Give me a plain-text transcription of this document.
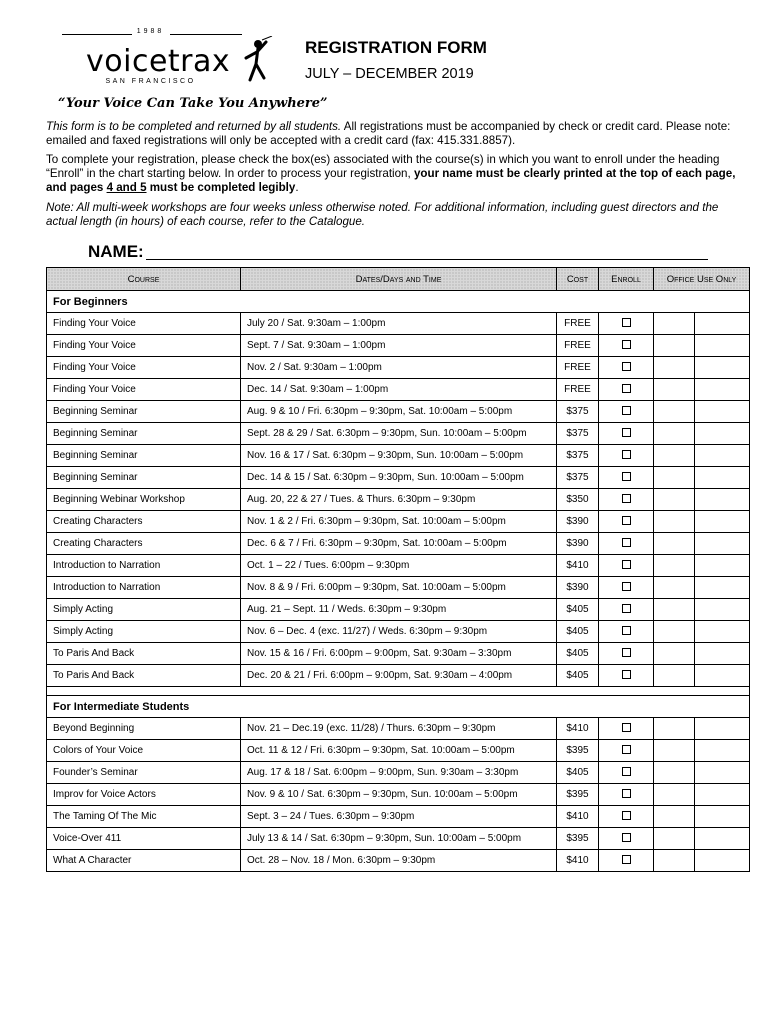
1988
voicetrax
SAN FRANCISCO
REGISTRATION FORM
JULY – DECEMBER 2019
“Your Voice Can Take You Anywhere”
This form is to be completed and returned by all students. All registrations must be accompanied by check or credit card. Please note: emailed and faxed registrations will only be accepted with a credit card (fax: 415.331.8857).
To complete your registration, please check the box(es) associated with the course(s) in which you want to enroll under the heading “Enroll” in the chart starting below. In order to process your registration, your name must be clearly printed at the top of each page, and pages 4 and 5 must be completed legibly.
Note: All multi-week workshops are four weeks unless otherwise noted. For additional information, including guest directors and the actual length (in hours) of each course, refer to the Catalogue.
NAME:
Course	Dates/Days and Time	Cost	Enroll	Office Use Only	
For Beginners					
Finding Your Voice	July 20 / Sat. 9:30am – 1:00pm	FREE			
Finding Your Voice	Sept. 7 / Sat. 9:30am – 1:00pm	FREE			
Finding Your Voice	Nov. 2 / Sat. 9:30am – 1:00pm	FREE			
Finding Your Voice	Dec. 14 / Sat. 9:30am – 1:00pm	FREE			
Beginning Seminar	Aug. 9 & 10 / Fri. 6:30pm – 9:30pm, Sat. 10:00am – 5:00pm	$375			
Beginning Seminar	Sept. 28 & 29 / Sat. 6:30pm – 9:30pm, Sun. 10:00am – 5:00pm	$375			
Beginning Seminar	Nov. 16 & 17 / Sat. 6:30pm – 9:30pm, Sun. 10:00am – 5:00pm	$375			
Beginning Seminar	Dec. 14 & 15 / Sat. 6:30pm – 9:30pm, Sun. 10:00am – 5:00pm	$375			
Beginning Webinar Workshop	Aug. 20, 22 & 27 / Tues. & Thurs. 6:30pm – 9:30pm	$350			
Creating Characters	Nov. 1 & 2 / Fri. 6:30pm – 9:30pm, Sat. 10:00am – 5:00pm	$390			
Creating Characters	Dec. 6 & 7 / Fri. 6:30pm – 9:30pm, Sat. 10:00am – 5:00pm	$390			
Introduction to Narration	Oct. 1 – 22 / Tues. 6:00pm – 9:30pm	$410			
Introduction to Narration	Nov. 8 & 9 / Fri. 6:00pm – 9:30pm, Sat. 10:00am – 5:00pm	$390			
Simply Acting	Aug. 21 – Sept. 11 / Weds. 6:30pm – 9:30pm	$405			
Simply Acting	Nov. 6 – Dec. 4 (exc. 11/27) / Weds. 6:30pm – 9:30pm	$405			
To Paris And Back	Nov. 15 & 16 / Fri. 6:00pm – 9:00pm, Sat. 9:30am – 3:30pm	$405			
To Paris And Back	Dec. 20 & 21 / Fri. 6:00pm – 9:00pm, Sat. 9:30am – 4:00pm	$405			

For Intermediate Students					
Beyond Beginning	Nov. 21 – Dec.19 (exc. 11/28) / Thurs. 6:30pm – 9:30pm	$410			
Colors of Your Voice	Oct. 11 & 12 / Fri. 6:30pm – 9:30pm, Sat. 10:00am – 5:00pm	$395			
Founder’s Seminar	Aug. 17 & 18 / Sat. 6:00pm – 9:00pm, Sun. 9:30am – 3:30pm	$405			
Improv for Voice Actors	Nov. 9 & 10 / Sat. 6:30pm – 9:30pm, Sun. 10:00am – 5:00pm	$395			
The Taming Of The Mic	Sept. 3 – 24 / Tues. 6:30pm – 9:30pm	$410			
Voice-Over 411	July 13 & 14 / Sat. 6:30pm – 9:30pm, Sun. 10:00am – 5:00pm	$395			
What A Character	Oct. 28 – Nov. 18 / Mon. 6:30pm – 9:30pm	$410			
